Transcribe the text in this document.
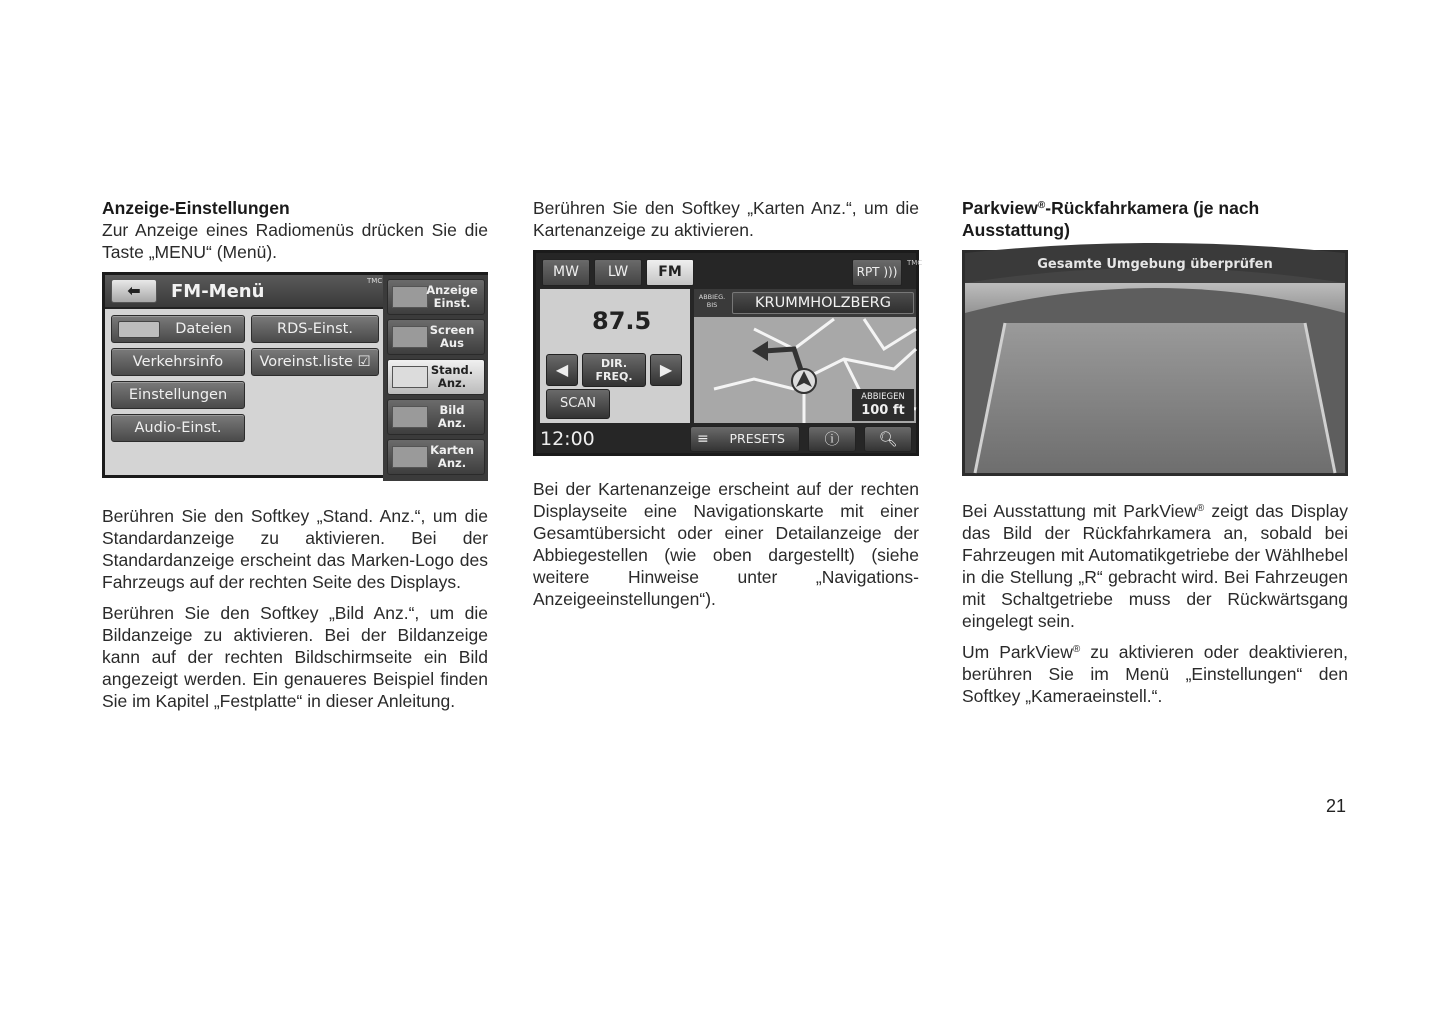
Anzeige-Einstellungen
Zur Anzeige eines Radiomenüs drücken Sie die Taste „MENU“ (Menü).
⬅	FM-Menü	TMC
Dateien	RDS-Einst.
Verkehrsinfo	Voreinst.liste ☑
Einstellungen
Audio-Einst.
Anzeige Einst.
Screen Aus
Stand. Anz.
Bild Anz.
Karten Anz.
Berühren Sie den Softkey „Stand. Anz.“, um die Standardanzeige zu aktivieren. Bei der Standardanzeige erscheint das Marken-Logo des Fahrzeugs auf der rechten Seite des Displays.
Berühren Sie den Softkey „Bild Anz.“, um die Bildanzeige zu aktivieren. Bei der Bildanzeige kann auf der rechten Bildschirmseite ein Bild angezeigt werden. Ein genaueres Beispiel finden Sie im Kapitel „Festplatte“ in dieser Anleitung.
Berühren Sie den Softkey „Karten Anz.“, um die Kartenanzeige zu aktivieren.
MW	LW	FM	RPT )))
TMC
87.5
◀	DIR. FREQ.	▶
SCAN
ABBIEG. BIS	KRUMMHOLZBERG
ABBIEGEN
100 ft
12:00	≡ PRESETS	ⓘ	🔍︎
Bei der Kartenanzeige erscheint auf der rechten Displayseite eine Navigationskarte mit einer Gesamtübersicht oder einer Detailanzeige der Abbiegestellen (wie oben dargestellt) (siehe weitere Hinweise unter „Navigations-Anzeigeeinstellungen“).
Parkview®-Rückfahrkamera (je nach Ausstattung)
Gesamte Umgebung überprüfen
Bei Ausstattung mit ParkView® zeigt das Display das Bild der Rückfahrkamera an, sobald bei Fahrzeugen mit Automatikgetriebe der Wählhebel in die Stellung „R“ gebracht wird. Bei Fahrzeugen mit Schaltgetriebe muss der Rückwärtsgang eingelegt sein.
Um ParkView® zu aktivieren oder deaktivieren, berühren Sie im Menü „Einstellungen“ den Softkey „Kameraeinstell.“.
21
